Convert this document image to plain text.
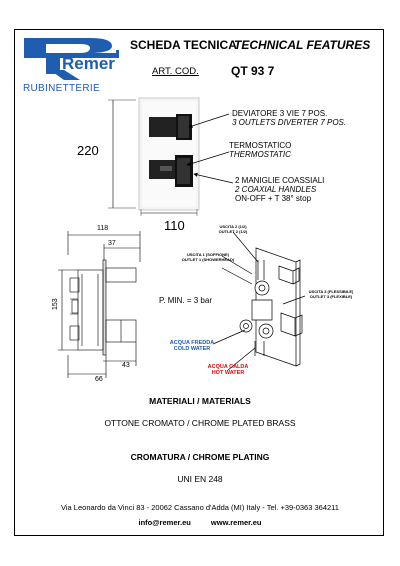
Remer
RUBINETTERIE
SCHEDA TECNICA
TECHNICAL FEATURES
ART. COD.	QT 93 7
DEVIATORE 3 VIE 7 POS.
3 OUTLETS DIVERTER 7 POS.
TERMOSTATICO
THERMOSTATIC
2 MANIGLIE COASSIALI
2 COAXIAL HANDLES
ON-OFF + T 38° stop
220
110
118
37
153
43
66
P. MIN. = 3 bar
USCITA 2 (1/2)
OUTLET 2 (1/2)
USCITA 1 (SOFFIONE)
OUTLET 1 (SHOWERHEAD)
USCITA 3 (FLESSIBILE)
OUTLET 3 (FLEXIBLE)
ACQUA FREDDA
COLD WATER
ACQUA CALDA
HOT WATER
MATERIALI / MATERIALS
OTTONE CROMATO / CHROME PLATED BRASS
CROMATURA / CHROME PLATING
UNI EN 248
Via Leonardo da Vinci 83 - 20062 Cassano d'Adda (MI) Italy - Tel. +39-0363 364211
info@remer.eu	www.remer.eu
